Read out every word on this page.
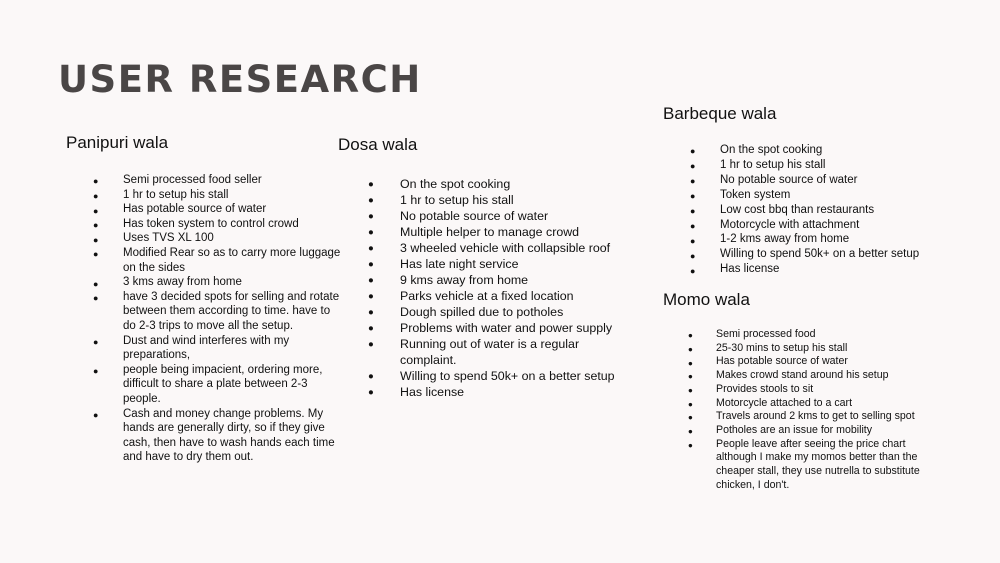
USER RESEARCH
Panipuri wala
● Semi processed food seller
● 1 hr to setup his stall
● Has potable source of water
● Has token system to control crowd
● Uses TVS XL 100
● Modified Rear so as to carry more luggage on the sides
● 3 kms away from home
● have 3 decided spots for selling and rotate between them according to time. have to do 2-3 trips to move all the setup.
● Dust and wind interferes with my preparations,
● people being impacient, ordering more, difficult to share a plate between 2-3 people.
● Cash and money change problems. My hands are generally dirty, so if they give cash, then have to wash hands each time and have to dry them out.
Dosa wala
● On the spot cooking
● 1 hr to setup his stall
● No potable source of water
● Multiple helper to manage crowd
● 3 wheeled vehicle with collapsible roof
● Has late night service
● 9 kms away from home
● Parks vehicle at a fixed location
● Dough spilled due to potholes
● Problems with water and power supply
● Running out of water is a regular complaint.
● Willing to spend 50k+ on a better setup
● Has license
Barbeque wala
● On the spot cooking
● 1 hr to setup his stall
● No potable source of water
● Token system
● Low cost bbq than restaurants
● Motorcycle with attachment
● 1-2 kms away from home
● Willing to spend 50k+ on a better setup
● Has license
Momo wala
● Semi processed food
● 25-30 mins to setup his stall
● Has potable source of water
● Makes crowd stand around his setup
● Provides stools to sit
● Motorcycle attached to a cart
● Travels around 2 kms to get to selling spot
● Potholes are an issue for mobility
● People leave after seeing the price chart although I make my momos better than the cheaper stall, they use nutrella to substitute chicken, I don't.
